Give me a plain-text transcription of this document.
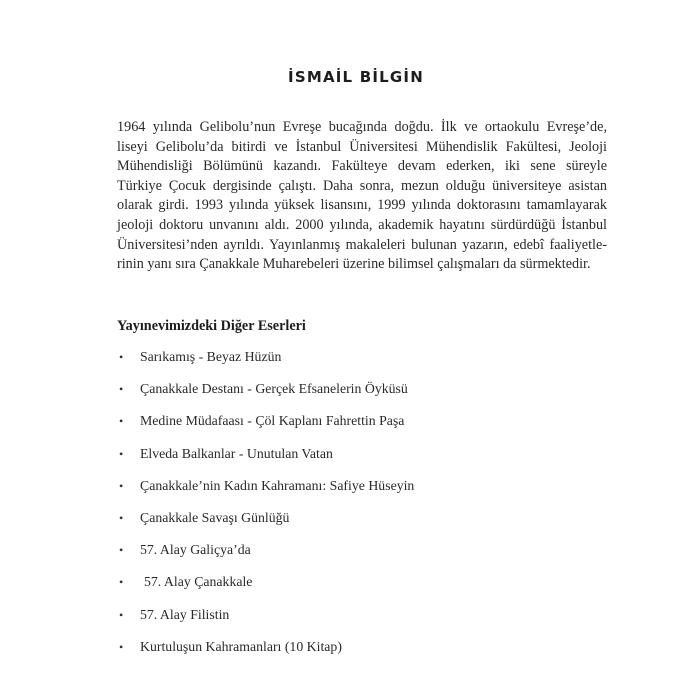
İSMAİL BİLGİN
1964 yılında Gelibolu’nun Evreşe bucağında doğdu. İlk ve ortaokulu Evreşe’de,
liseyi Gelibolu’da bitirdi ve İstanbul Üniversitesi Mühendislik Fakültesi, Jeoloji
Mühendisliği Bölümünü kazandı. Fakülteye devam ederken, iki sene süreyle
Türkiye Çocuk dergisinde çalıştı. Daha sonra, mezun olduğu üniversiteye asistan
olarak girdi. 1993 yılında yüksek lisansını, 1999 yılında doktorasını tamamlayarak
jeoloji doktoru unvanını aldı. 2000 yılında, akademik hayatını sürdürdüğü İstanbul
Üniversitesi’nden ayrıldı. Yayınlanmış makaleleri bulunan yazarın, edebî faaliyetle-
rinin yanı sıra Çanakkale Muharebeleri üzerine bilimsel çalışmaları da sürmektedir.
Yayınevimizdeki Diğer Eserleri
• Sarıkamış - Beyaz Hüzün
• Çanakkale Destanı - Gerçek Efsanelerin Öyküsü
• Medine Müdafaası - Çöl Kaplanı Fahrettin Paşa
• Elveda Balkanlar - Unutulan Vatan
• Çanakkale’nin Kadın Kahramanı: Safiye Hüseyin
• Çanakkale Savaşı Günlüğü
• 57. Alay Galiçya’da
• 57. Alay Çanakkale
• 57. Alay Filistin
• Kurtuluşun Kahramanları (10 Kitap)
